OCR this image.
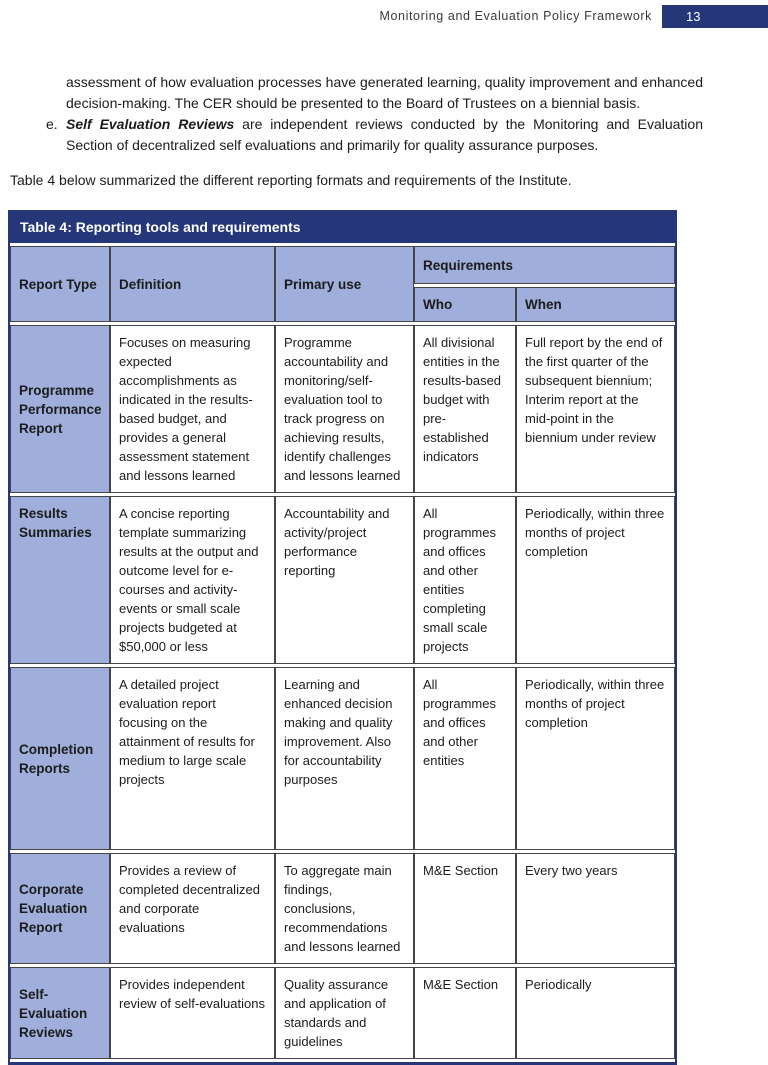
Monitoring and Evaluation Policy Framework	13

assessment of how evaluation processes have generated learning, quality improvement and enhanced decision-making. The CER should be presented to the Board of Trustees on a biennial basis.

e. Self Evaluation Reviews are independent reviews conducted by the Monitoring and Evaluation Section of decentralized self evaluations and primarily for quality assurance purposes.

Table 4 below summarized the different reporting formats and requirements of the Institute.

Table 4: Reporting tools and requirements
Report Type	Definition	Primary use	Requirements	
			Who	When
Programme Performance Report	Focuses on measuring expected accomplishments as indicated in the results-based budget, and provides a general assessment statement and lessons learned	Programme accountability and monitoring/self-evaluation tool to track progress on achieving results, identify challenges and lessons learned	All divisional entities in the results-based budget with pre-established indicators	Full report by the end of the first quarter of the subsequent biennium; Interim report at the mid-point in the biennium under review
Results Summaries	A concise reporting template summarizing results at the output and outcome level for e-courses and activity-events or small scale projects budgeted at $50,000 or less	Accountability and activity/project performance reporting	All programmes and offices and other entities completing small scale projects	Periodically, within three months of project completion
Completion Reports	A detailed project evaluation report focusing on the attainment of results for medium to large scale projects	Learning and enhanced decision making and quality improvement. Also for accountability purposes	All programmes and offices and other entities	Periodically, within three months of project completion
Corporate Evaluation Report	Provides a review of completed decentralized and corporate evaluations	To aggregate main findings, conclusions, recommendations and lessons learned	M&E Section	Every two years
Self- Evaluation Reviews	Provides independent review of self-evaluations	Quality assurance and application of standards and guidelines	M&E Section	Periodically
